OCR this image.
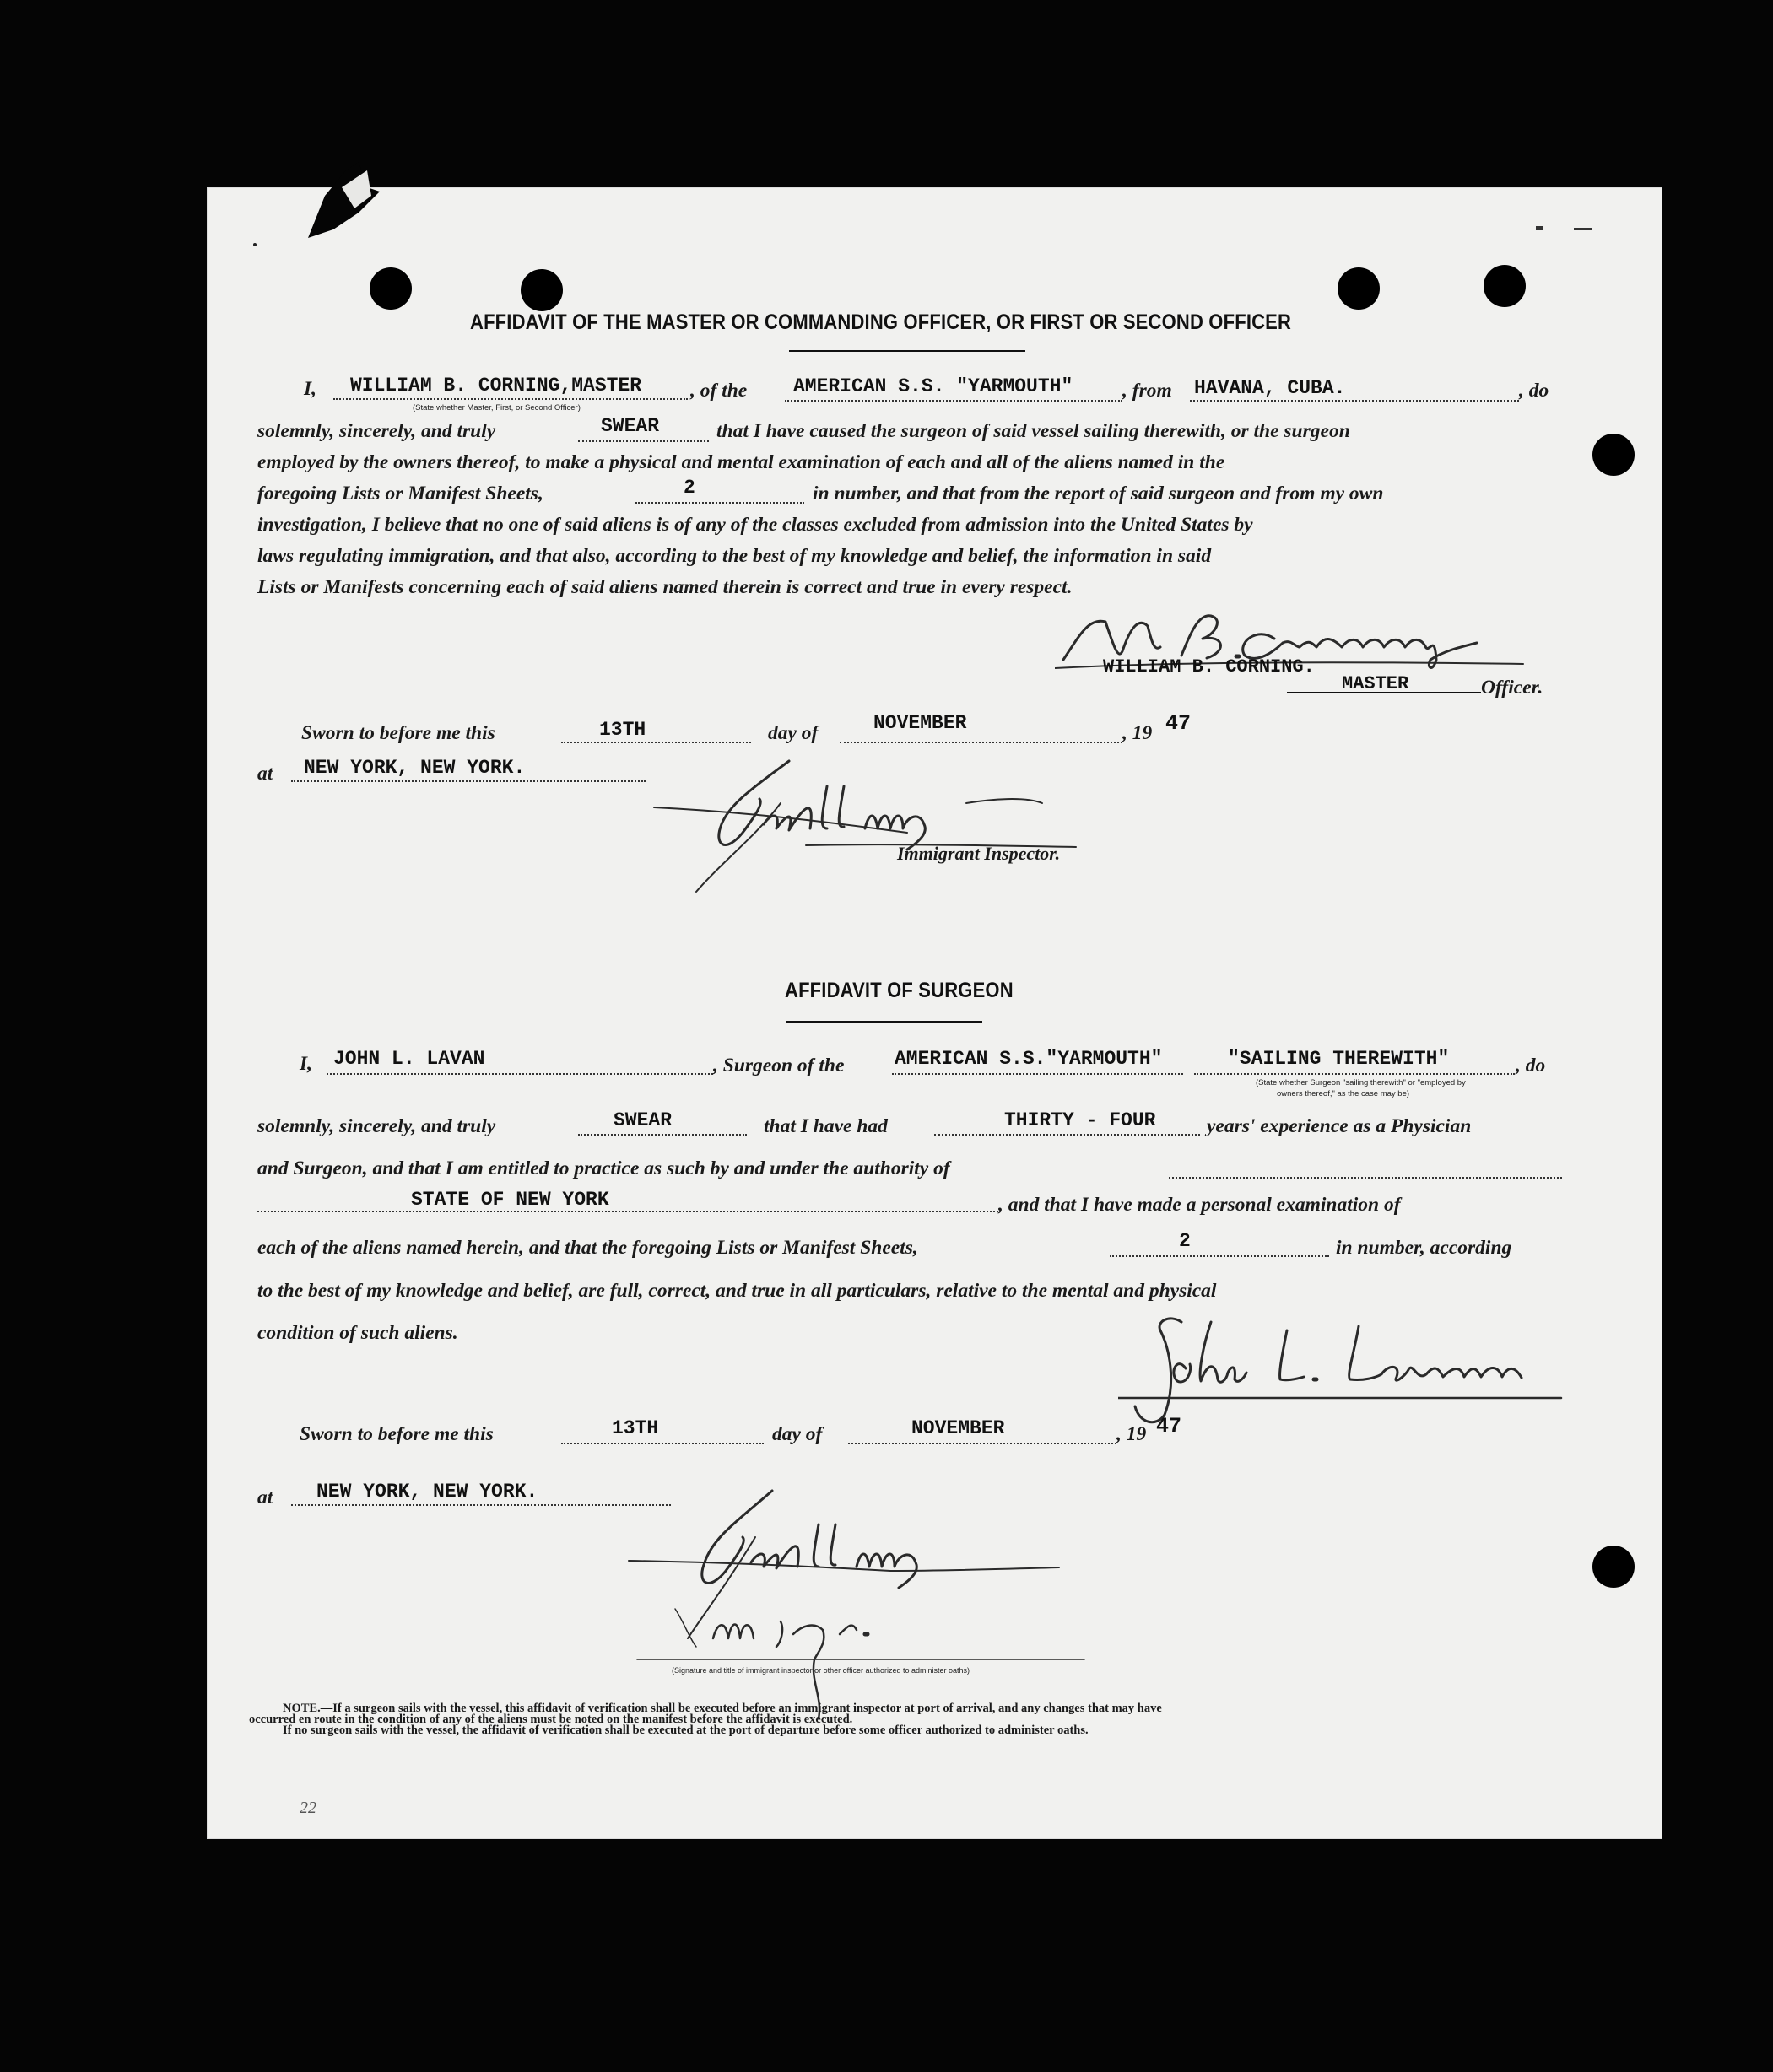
AFFIDAVIT OF THE MASTER OR COMMANDING OFFICER, OR FIRST OR SECOND OFFICER
I, WILLIAM B. CORNING,MASTER
(State whether Master, First, or Second Officer)
, of the AMERICAN S.S. "YARMOUTH" , from HAVANA, CUBA.	, do
solemnly, sincerely, and truly	SWEAR	that I have caused the surgeon of said vessel sailing therewith, or the surgeon
employed by the owners thereof, to make a physical and mental examination of each and all of the aliens named in the
foregoing Lists or Manifest Sheets,	2	in number, and that from the report of said surgeon and from my own
investigation, I believe that no one of said aliens is of any of the classes excluded from admission into the United States by
laws regulating immigration, and that also, according to the best of my knowledge and belief, the information in said
Lists or Manifests concerning each of said aliens named therein is correct and true in every respect.
WILLIAM B. CORNING.
MASTER	Officer.
Sworn to before me this	13TH	day of	NOVEMBER	, 19 47
at NEW YORK, NEW YORK.
Immigrant Inspector.
AFFIDAVIT OF SURGEON
I, JOHN L. LAVAN	, Surgeon of the	AMERICAN S.S."YARMOUTH"	"SAILING THEREWITH"	, do
(State whether Surgeon "sailing therewith" or "employed by
owners thereof," as the case may be)
solemnly, sincerely, and truly	SWEAR	that I have had	THIRTY - FOUR	years' experience as a Physician
and Surgeon, and that I am entitled to practice as such by and under the authority of
STATE OF NEW YORK	, and that I have made a personal examination of
each of the aliens named herein, and that the foregoing Lists or Manifest Sheets,	2	in number, according
to the best of my knowledge and belief, are full, correct, and true in all particulars, relative to the mental and physical
condition of such aliens.
Sworn to before me this	13TH	day of	NOVEMBER	, 19 47
at NEW YORK, NEW YORK.
(Signature and title of immigrant inspector or other officer authorized to administer oaths)
NOTE.—If a surgeon sails with the vessel, this affidavit of verification shall be executed before an immigrant inspector at port of arrival, and any changes that may have
occurred en route in the condition of any of the aliens must be noted on the manifest before the affidavit is executed.
If no surgeon sails with the vessel, the affidavit of verification shall be executed at the port of departure before some officer authorized to administer oaths.
22
